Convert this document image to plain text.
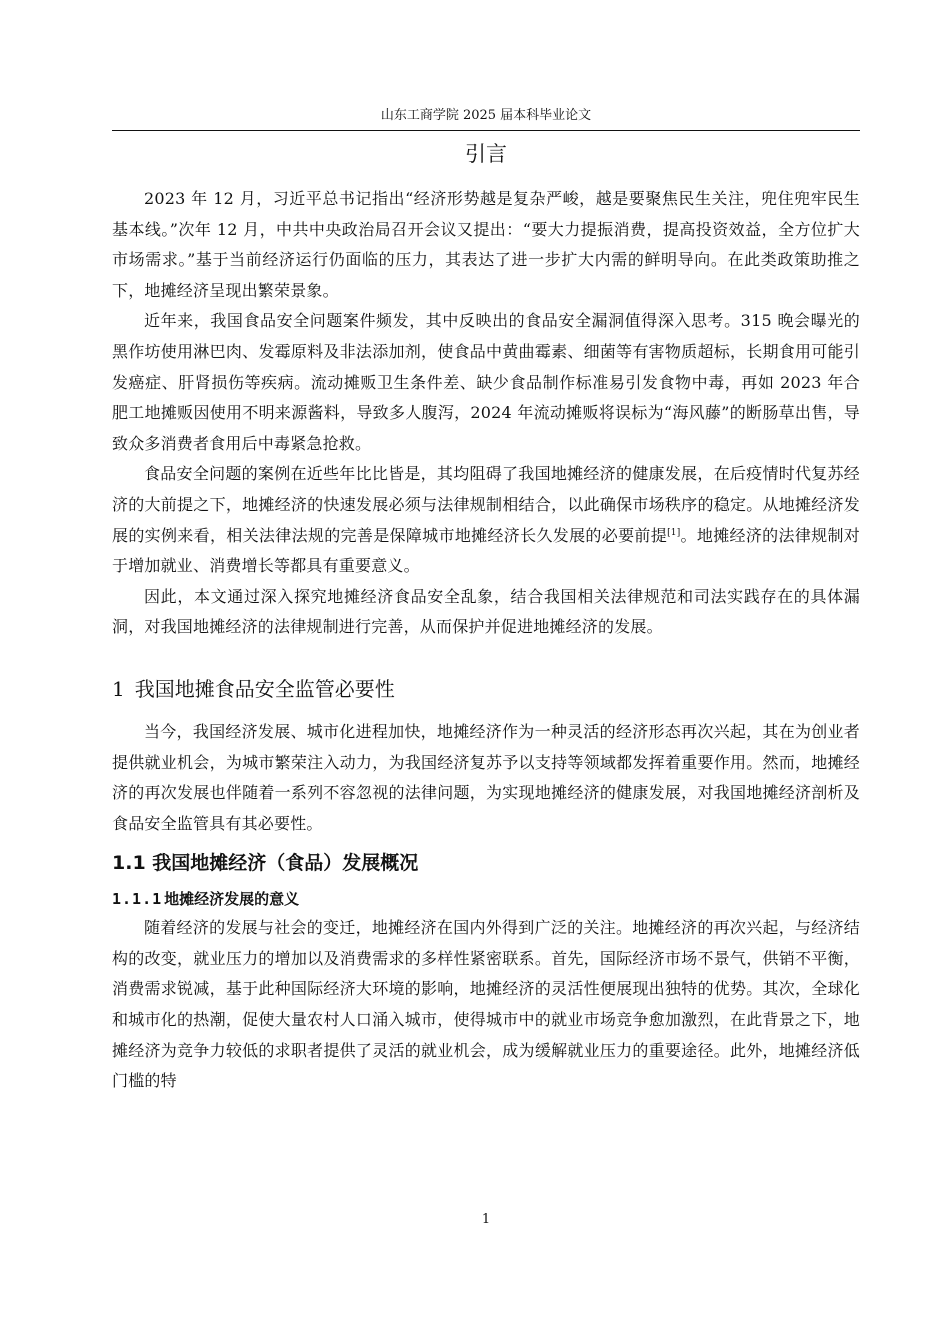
山东工商学院 2025 届本科毕业论文
引言

2023 年 12 月，习近平总书记指出“经济形势越是复杂严峻，越是要聚焦民生关注，兜住兜牢民生基本线。”次年 12 月，中共中央政治局召开会议又提出：“要大力提振消费，提高投资效益，全方位扩大市场需求。”基于当前经济运行仍面临的压力，其表达了进一步扩大内需的鲜明导向。在此类政策助推之下，地摊经济呈现出繁荣景象。

近年来，我国食品安全问题案件频发，其中反映出的食品安全漏洞值得深入思考。315 晚会曝光的黑作坊使用淋巴肉、发霉原料及非法添加剂，使食品中黄曲霉素、细菌等有害物质超标，长期食用可能引发癌症、肝肾损伤等疾病。流动摊贩卫生条件差、缺少食品制作标准易引发食物中毒，再如 2023 年合肥工地摊贩因使用不明来源酱料，导致多人腹泻，2024 年流动摊贩将误标为“海风藤”的断肠草出售，导致众多消费者食用后中毒紧急抢救。

食品安全问题的案例在近些年比比皆是，其均阻碍了我国地摊经济的健康发展，在后疫情时代复苏经济的大前提之下，地摊经济的快速发展必须与法律规制相结合，以此确保市场秩序的稳定。从地摊经济发展的实例来看，相关法律法规的完善是保障城市地摊经济长久发展的必要前提[1]。地摊经济的法律规制对于增加就业、消费增长等都具有重要意义。

因此，本文通过深入探究地摊经济食品安全乱象，结合我国相关法律规范和司法实践存在的具体漏洞，对我国地摊经济的法律规制进行完善，从而保护并促进地摊经济的发展。

1 我国地摊食品安全监管必要性

当今，我国经济发展、城市化进程加快，地摊经济作为一种灵活的经济形态再次兴起，其在为创业者提供就业机会，为城市繁荣注入动力，为我国经济复苏予以支持等领域都发挥着重要作用。然而，地摊经济的再次发展也伴随着一系列不容忽视的法律问题，为实现地摊经济的健康发展，对我国地摊经济剖析及食品安全监管具有其必要性。

1.1 我国地摊经济（食品）发展概况
1.1.1 地摊经济发展的意义

随着经济的发展与社会的变迁，地摊经济在国内外得到广泛的关注。地摊经济的再次兴起，与经济结构的改变，就业压力的增加以及消费需求的多样性紧密联系。首先，国际经济市场不景气，供销不平衡，消费需求锐减，基于此种国际经济大环境的影响，地摊经济的灵活性便展现出独特的优势。其次，全球化和城市化的热潮，促使大量农村人口涌入城市，使得城市中的就业市场竞争愈加激烈，在此背景之下，地摊经济为竞争力较低的求职者提供了灵活的就业机会，成为缓解就业压力的重要途径。此外，地摊经济低门槛的特

1
